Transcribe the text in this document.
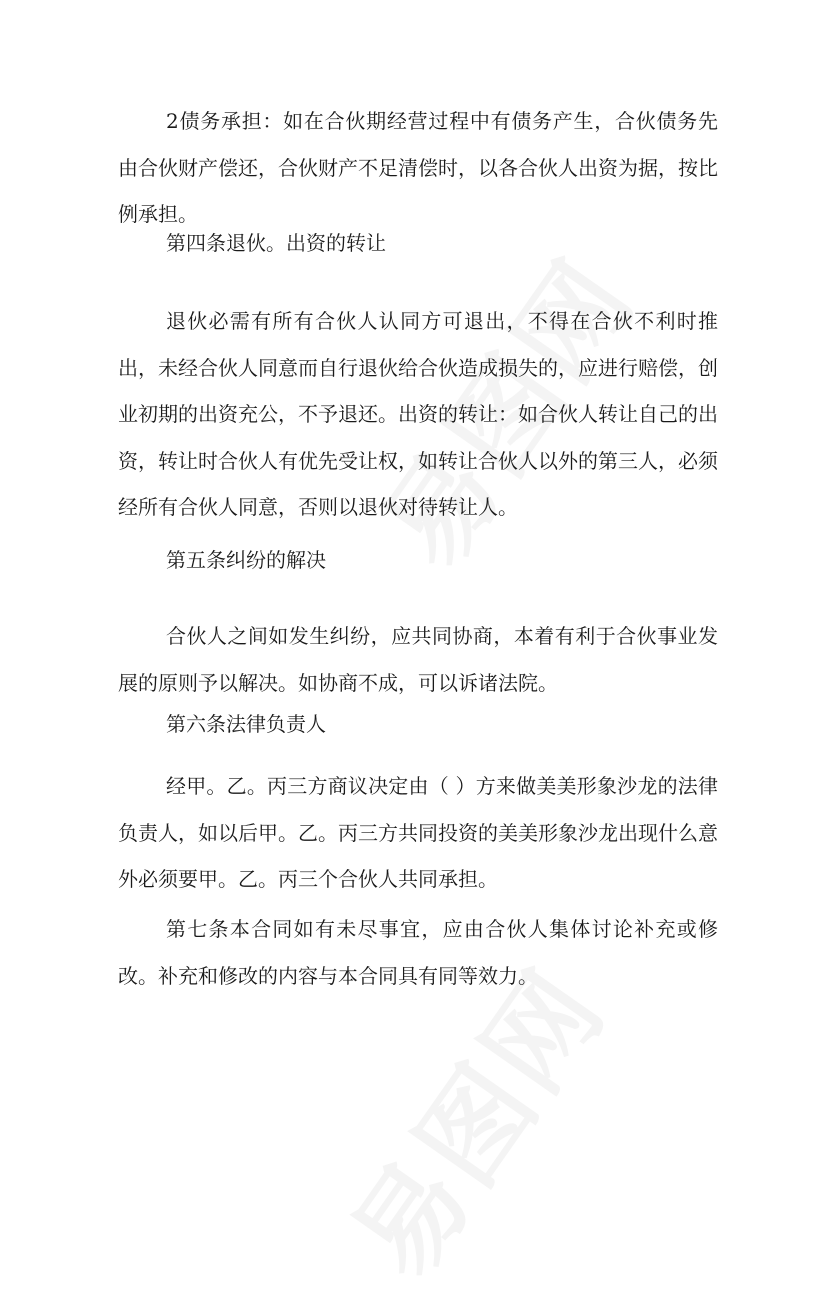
2债务承担：如在合伙期经营过程中有债务产生，合伙债务先由合伙财产偿还，合伙财产不足清偿时，以各合伙人出资为据，按比例承担。

第四条退伙。出资的转让

退伙必需有所有合伙人认同方可退出，不得在合伙不利时推出，未经合伙人同意而自行退伙给合伙造成损失的，应进行赔偿，创业初期的出资充公，不予退还。出资的转让：如合伙人转让自己的出资，转让时合伙人有优先受让权，如转让合伙人以外的第三人，必须经所有合伙人同意，否则以退伙对待转让人。

第五条纠纷的解决

合伙人之间如发生纠纷，应共同协商，本着有利于合伙事业发展的原则予以解决。如协商不成，可以诉诸法院。

第六条法律负责人

经甲。乙。丙三方商议决定由（ ）方来做美美形象沙龙的法律负责人，如以后甲。乙。丙三方共同投资的美美形象沙龙出现什么意外必须要甲。乙。丙三个合伙人共同承担。

第七条本合同如有未尽事宜，应由合伙人集体讨论补充或修改。补充和修改的内容与本合同具有同等效力。
